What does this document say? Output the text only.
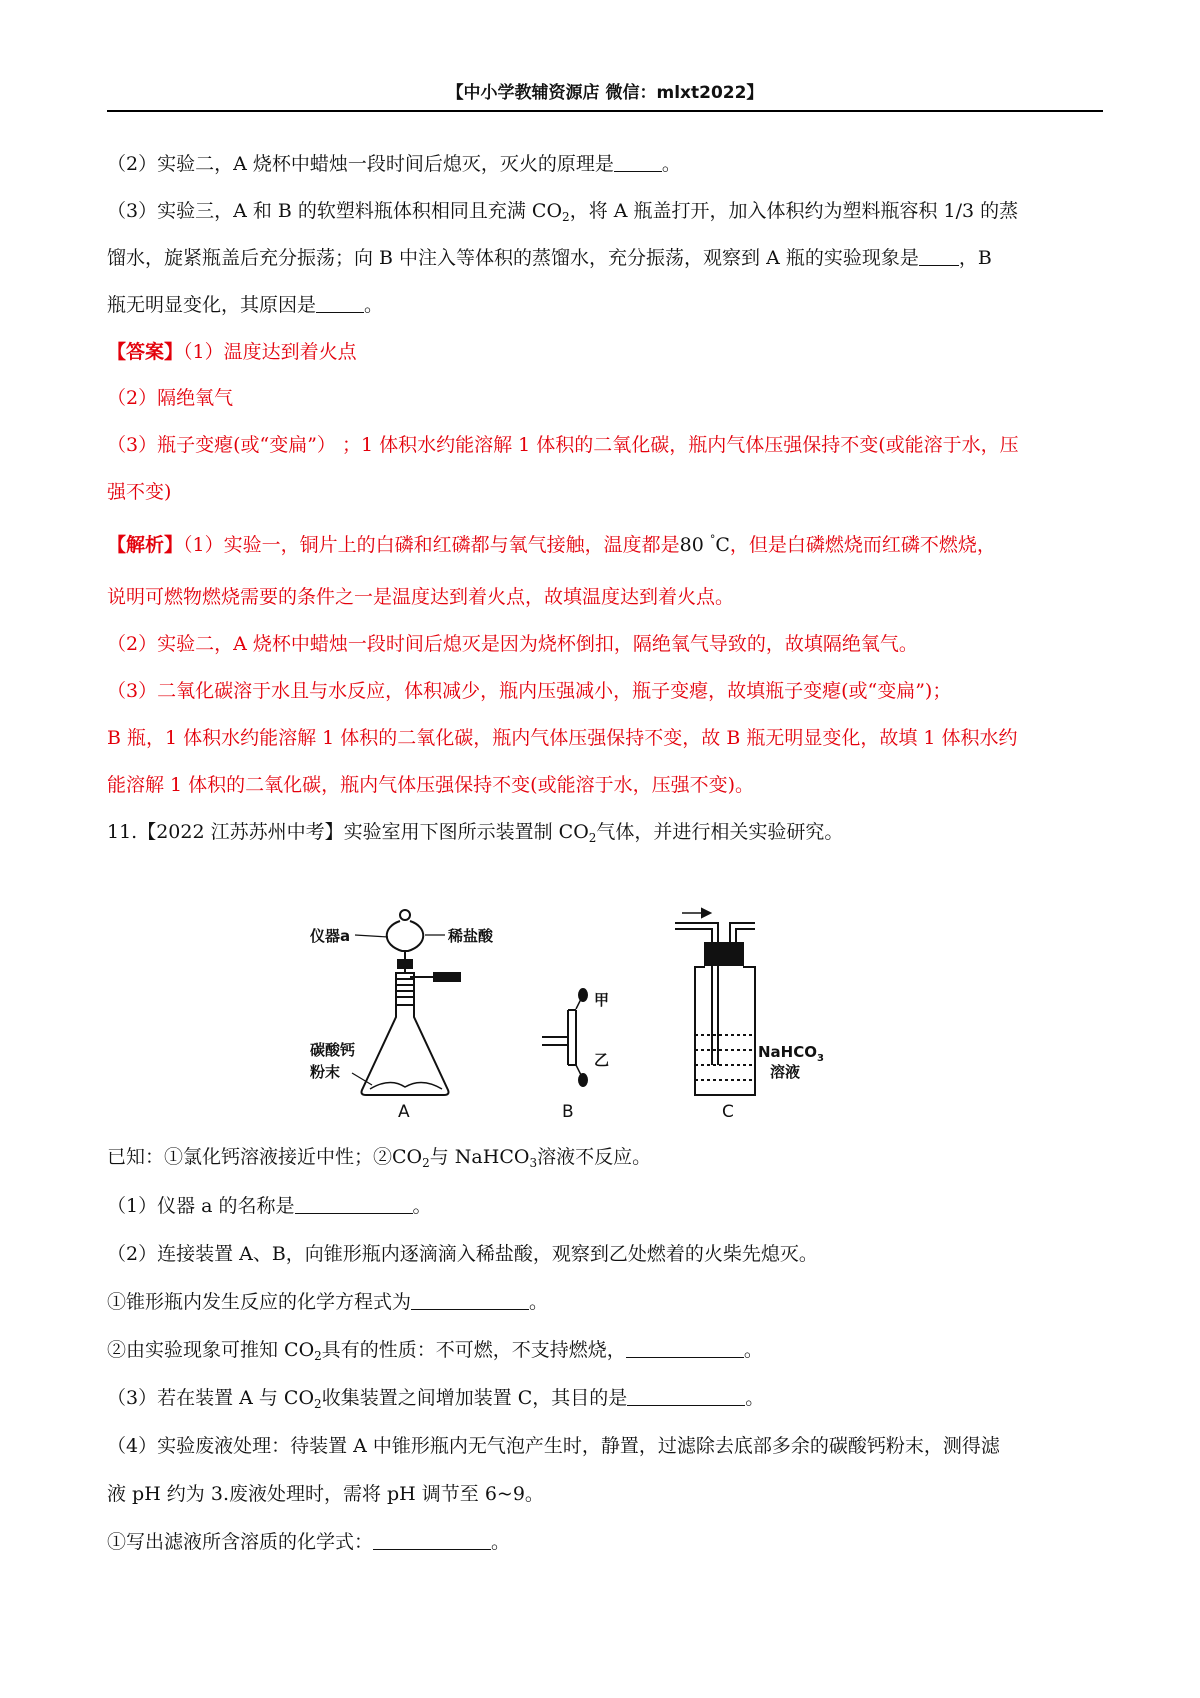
【中小学教辅资源店 微信：mlxt2022】
（2）实验二，A 烧杯中蜡烛一段时间后熄灭，灭火的原理是	。
（3）实验三，A 和 B 的软塑料瓶体积相同且充满 $CO_2$，将 A 瓶盖打开，加入体积约为塑料瓶容积 1/3 的蒸
馏水，旋紧瓶盖后充分振荡；向 B 中注入等体积的蒸馏水，充分振荡，观察到 A 瓶的实验现象是 ，B
瓶无明显变化，其原因是	。
【答案】（1）温度达到着火点
（2）隔绝氧气
（3）瓶子变瘪(或“变扁”） ；1 体积水约能溶解 1 体积的二氧化碳，瓶内气体压强保持不变(或能溶于水，压
强不变)
【解析】（1）实验一，铜片上的白磷和红磷都与氧气接触，温度都是80 °C，但是白磷燃烧而红磷不燃烧，
说明可燃物燃烧需要的条件之一是温度达到着火点，故填温度达到着火点。
（2）实验二，A 烧杯中蜡烛一段时间后熄灭是因为烧杯倒扣，隔绝氧气导致的，故填隔绝氧气。
（3）二氧化碳溶于水且与水反应，体积减少，瓶内压强减小，瓶子变瘪，故填瓶子变瘪(或“变扁”)；
B 瓶，1 体积水约能溶解 1 体积的二氧化碳，瓶内气体压强保持不变，故 B 瓶无明显变化，故填 1 体积水约
能溶解 1 体积的二氧化碳，瓶内气体压强保持不变(或能溶于水，压强不变)。
11.【2022 江苏苏州中考】实验室用下图所示装置制 $CO_2$气体，并进行相关实验研究。
仪器a	稀盐酸
碳酸钙
粉末
甲
乙	NaHCO$_3$
溶液
A	B	C
已知：①氯化钙溶液接近中性；$②CO_2$与 NaHCO$_3$溶液不反应。
（1）仪器 a 的名称是	。
（2）连接装置 A、B，向锥形瓶内逐滴滴入稀盐酸，观察到乙处燃着的火柴先熄灭。
①锥形瓶内发生反应的化学方程式为	。
②由实验现象可推知 $CO_2$具有的性质：不可燃，不支持燃烧，	。
（3）若在装置 A 与 $CO_2$收集装置之间增加装置 C，其目的是	。
（4）实验废液处理：待装置 A 中锥形瓶内无气泡产生时，静置，过滤除去底部多余的碳酸钙粉末，测得滤
液 pH 约为 3.废液处理时，需将 pH 调节至 6~9。
①写出滤液所含溶质的化学式：	。
